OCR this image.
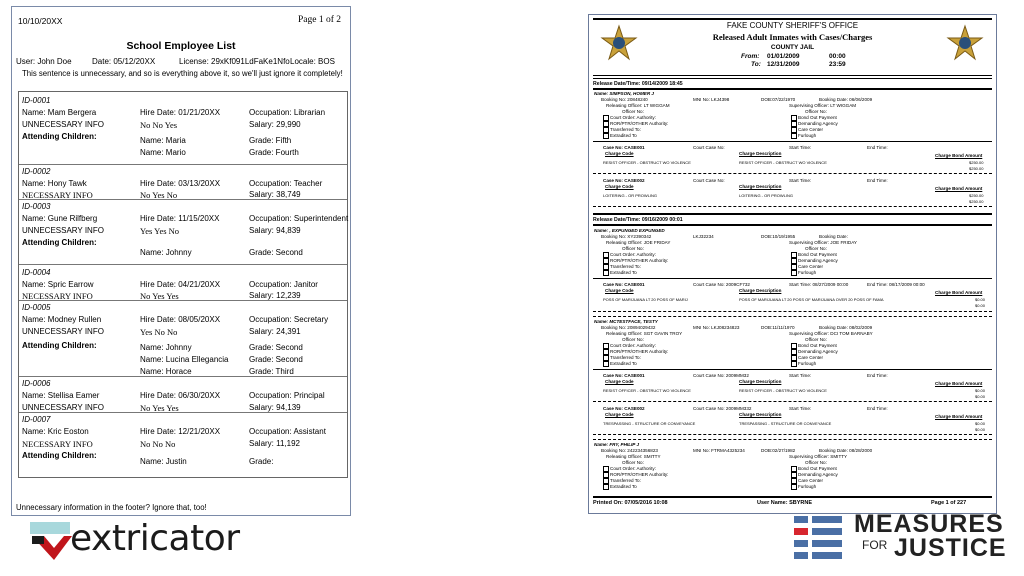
10/10/20XX	Page 1 of 2
School Employee List
User: John Doe	Date: 05/12/20XX	License: 29xKf091LdFaKe1Nfo Locale: BOS
This sentence is unnecessary, and so is everything above it, so we'll just ignore it completely!
ID-0001
Name: Mam Bergera	Hire Date: 01/21/20XX	Occupation: Librarian
UNNECESSARY INFO	No No Yes	Salary: 29,990
Attending Children:	Name: Maria	Grade: Fifth
Name: Mario	Grade: Fourth
ID-0002
Name: Hony Tawk	Hire Date: 03/13/20XX	Occupation: Teacher
NECESSARY INFO	No Yes No	Salary: 38,749
ID-0003
Name: Gune Rilfberg	Hire Date: 11/15/20XX	Occupation: Superintendent
UNNECESSARY INFO	Yes Yes No	Salary: 94,839
Attending Children:
Name: Johnny	Grade: Second
ID-0004
Name: Spric Earrow	Hire Date: 04/21/20XX	Occupation: Janitor
NECESSARY INFO	No Yes Yes	Salary: 12,239
ID-0005
Name: Modney Rullen	Hire Date: 08/05/20XX	Occupation: Secretary
UNNECESSARY INFO	Yes No No	Salary: 24,391
Attending Children:	Name: Johnny	Grade: Second
Name: Lucina Ellegancia	Grade: Second
Name: Horace	Grade: Third
ID-0006
Name: Stellisa Eamer	Hire Date: 06/30/20XX	Occupation: Principal
UNNECESSARY INFO	No Yes Yes	Salary: 94,139
ID-0007
Name: Kric Eoston	Hire Date: 12/21/20XX	Occupation: Assistant
NECESSARY INFO	No No No	Salary: 11,192
Attending Children:
Name: Justin	Grade:
Unnecessary information in the footer? Ignore that, too!
FAKE COUNTY SHERIFF'S OFFICE
Released Adult Inmates with Cases/Charges
COUNTY JAIL
From: 01/01/2009	00:00
To: 12/31/2009	23:59
Release Date/Time: 09/14/2009 18:45
Name: SIMPSON, HOMER J
Booking No: 20848240	MNI No: LKJ4398	DOB:07/22/1970	Booking Date: 06/06/2009
Releasing Officer: LT WIGGAM	Supervising Officer: LT WIGGAM
Officer No:	Officer No:
Court Order: Authority:
ROR/PTR/OTHER Authority:
Transferred To:
Extradited To
Bond Out Payment
Demanding Agency
Care Center
Furlough
Case No: CASE001	Court Case No:	Start Time:	End Time:
Charge Code	Charge Description	Charge Bond Amount
RESIST OFFICER - OBSTRUCT WO VIOLENCE	RESIST OFFICER - OBSTRUCT WO VIOLENCE	$250.00
$250.00
Case No: CASE002	Court Case No:	Start Time:	End Time:
Charge Code	Charge Description	Charge Bond Amount
LOITERING - OR PROWLING	LOITERING - OR PROWLING	$250.00
$250.00
Release Date/Time: 09/16/2009 00:01
Name: , EXPUNGED EXPUNGED
Booking No: XY2390342	LKJ32234	DOB:10/19/1955	Booking Date:
Releasing Officer: JOE FRIDAY	Supervising Officer: JOE FRIDAY
Officer No:	Officer No:
Court Order: Authority:
ROR/PTR/OTHER Authority:
Transferred To:
Extradited To
Bond Out Payment
Demanding Agency
Care Center
Furlough
Case No: CASE001	Court Case No: 2009CF732	Start Time: 08/27/2009 00:00	End Time: 08/17/2009 00:00
Charge Code	Charge Description	Charge Bond Amount
POSS OF MARIJUANA LT 20 POSS OF MARIJ	POSS OF MARIJUANA LT 20 POSS OF MARIJUANA OVER 20 POSS OF FAMA	$0.00
$0.00
Name: MCTESTFACE, TESTY
Booking No: 20894029432	MNI No: LKJ08234823	DOB:11/11/1970	Booking Date: 08/02/2009
Releasing Officer: SGT GAVIN TROY	Supervising Officer: DCI TOM BARNABY
Officer No:	Officer No:
Court Order: Authority:
ROR/PTR/OTHER Authority:
Transferred To:
Extradited To
Bond Out Payment
Demanding Agency
Care Center
Furlough
Case No: CASE001	Court Case No: 2009MM32	Start Time:	End Time:
Charge Code	Charge Description	Charge Bond Amount
RESIST OFFICER - OBSTRUCT WO VIOLENCE	RESIST OFFICER - OBSTRUCT WO VIOLENCE	$0.00
$0.00
Case No: CASE002	Court Case No: 2009MM332	Start Time:	End Time:
Charge Code	Charge Description	Charge Bond Amount
TRESPASSING - STRUCTURE OR CONVEYANCE	TRESPASSING - STRUCTURE OR CONVEYANCE	$0.00
$0.00
Name: FRY, PHILIP J
Booking No: 242234356823	MNI No: FTRMA4325234	DOB:02/27/1982	Booking Date: 08/28/2000
Releasing Officer: SMITTY	Supervising Officer: SMITTY
Officer No:	Officer No:
Court Order: Authority:
ROR/PTR/OTHER Authority:
Transferred To:
Extradited To
Bond Out Payment
Demanding Agency
Care Center
Furlough
Printed On: 07/05/2016 10:08	User Name: SBYRNE	Page 1 of 227
extricator	MEASURES
FOR JUSTICE
